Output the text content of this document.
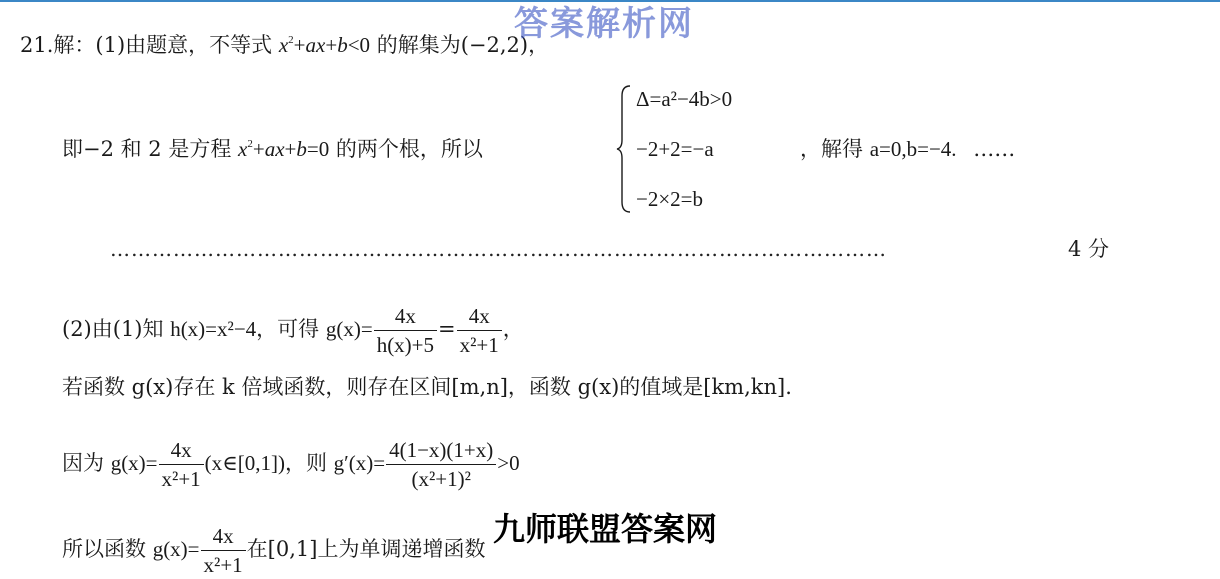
21.解：(1)由题意，不等式 $x^2+ax+b<0$ 的解集为(−2,2)，
即−2 和 2 是方程 $x^2+ax+b=0$ 的两个根，所以
Δ=a²−4b>0
−2+2=−a
−2×2=b
，解得 a=0,b=−4. ……
…………………………………………………………………………………………………	4 分
(2)由(1)知 h(x)=x²−4，可得 $g(x)= \frac{4x}{h(x)+5} = \frac{4x}{\text{x²+1}}$ ，
若函数 g(x)存在 k 倍域函数，则存在区间[m,n]，函数 g(x)的值域是[km,kn].
因为 $g(x)= \frac{4x}{\text{x²+1}}$ (x∈[0,1])，则 $g'(x)= \frac{4(1-x)(1+x)}{\text{(x²+1)²}} >0$
所以函数 $g(x)= \frac{4x}{\text{x²+1}}$ 在[0,1]上为单调递增函数
答案解析网
九师联盟答案网
